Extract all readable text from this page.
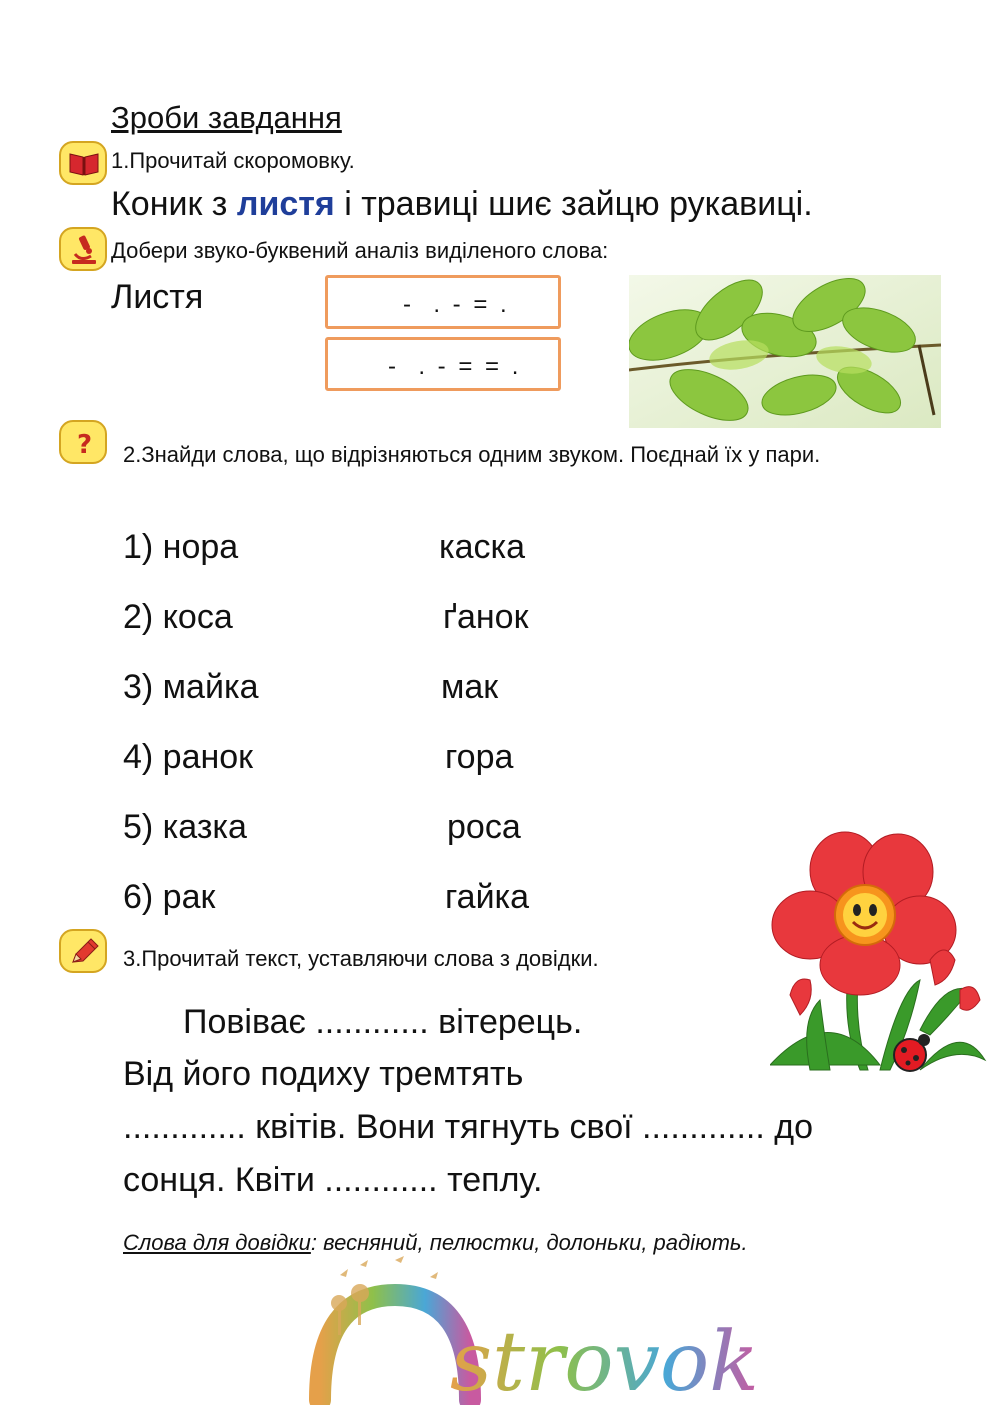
Зроби завдання
1.Прочитай скоромовку.
Коник з листя і травиці шиє зайцю рукавиці.
Добери звуко-буквений аналіз виділеного слова:
Листя	-  . - = .
-  . - = = .
? 2.Знайди слова, що відрізняються одним звуком. Поєднай їх у пари.
1) нора	каска
2) коса	ґанок
3) майка	мак
4) ранок	гора
5) казка	роса
6) рак	гайка
3.Прочитай текст, уставляючи слова з довідки.
Повіває ............ вітерець.
Від його подиху тремтять
............. квітів. Вони тягнуть свої ............. до
сонця. Квіти ............ теплу.
Слова для довідки: весняний, пелюстки, долоньки, радіють.
strovok
